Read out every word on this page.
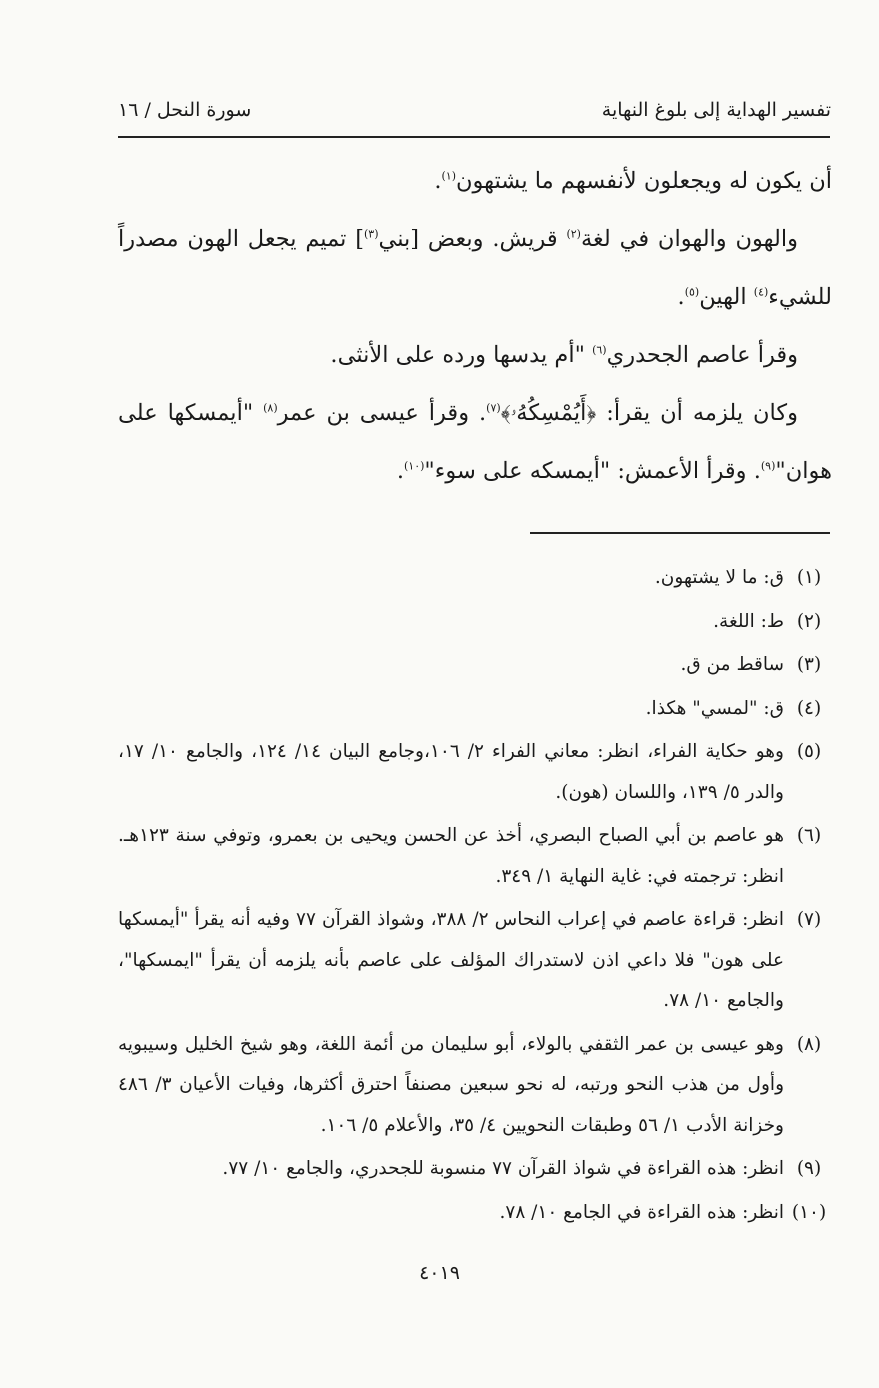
تفسير الهداية إلى بلوغ النهاية
سورة النحل / ١٦

أن يكون له ويجعلون لأنفسهم ما يشتهون$^{(١)}$.

والهون والهوان في لغة$^{(٢)}$ قريش. وبعض [بني$^{(٣)}$] تميم يجعل الهون مصدراً للشيء$^{(٤)}$ الهين$^{(٥)}$.

وقرأ عاصم الجحدري$^{(٦)}$ "أم يدسها ورده على الأنثى.

وكان يلزمه أن يقرأ: ﴿أَيُمْسِكُهُۥ﴾$^{(٧)}$. وقرأ عيسى بن عمر$^{(٨)}$ "أيمسكها على هوان"$^{(٩)}$. وقرأ الأعمش: "أيمسكه على سوء"$^{(١٠)}$.

(١)
ق: ما لا يشتهون.
(٢)
ط: اللغة.
(٣)
ساقط من ق.
(٤)
ق: "لمسي" هكذا.
(٥)
وهو حكاية الفراء، انظر: معاني الفراء ٢/ ١٠٦،وجامع البيان ١٤/ ١٢٤، والجامع ١٠/ ١٧، والدر ٥/ ١٣٩، واللسان (هون).
(٦)
هو عاصم بن أبي الصباح البصري، أخذ عن الحسن ويحيى بن بعمرو، وتوفي سنة ١٢٣هـ. انظر: ترجمته في: غاية النهاية ١/ ٣٤٩.
(٧)
انظر: قراءة عاصم في إعراب النحاس ٢/ ٣٨٨، وشواذ القرآن ٧٧ وفيه أنه يقرأ "أيمسكها على هون" فلا داعي اذن لاستدراك المؤلف على عاصم بأنه يلزمه أن يقرأ "ايمسكها"، والجامع ١٠/ ٧٨.
(٨)
وهو عيسى بن عمر الثقفي بالولاء، أبو سليمان من أئمة اللغة، وهو شيخ الخليل وسيبويه وأول من هذب النحو ورتبه، له نحو سبعين مصنفاً احترق أكثرها، وفيات الأعيان ٣/ ٤٨٦ وخزانة الأدب ١/ ٥٦ وطبقات النحويين ٤/ ٣٥، والأعلام ٥/ ١٠٦.
(٩)
انظر: هذه القراءة في شواذ القرآن ٧٧ منسوبة للجحدري، والجامع ١٠/ ٧٧.
(١٠)
انظر: هذه القراءة في الجامع ١٠/ ٧٨.
٤٠١٩
